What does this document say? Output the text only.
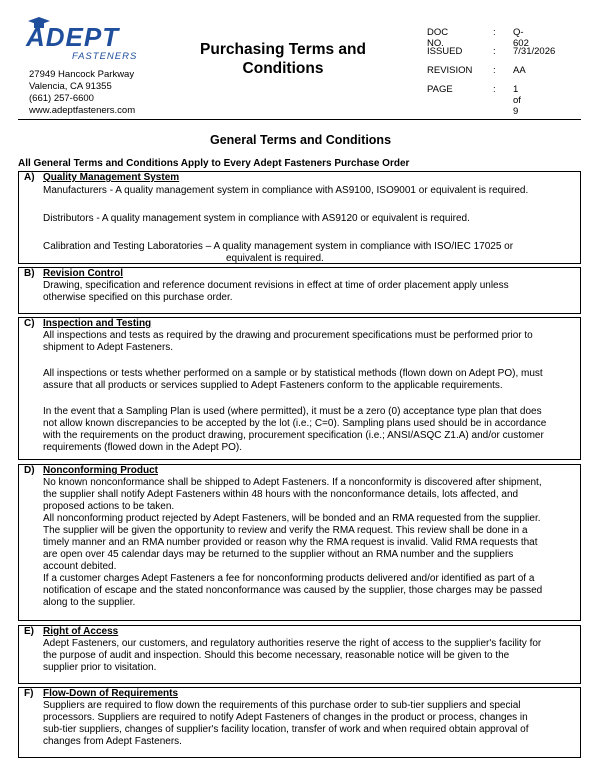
ADEPT
FASTENERS
27949 Hancock Parkway
Valencia, CA 91355
(661) 257-6600
www.adeptfasteners.com
Purchasing Terms and
Conditions
DOC NO.
: Q-602
ISSUED	: 7/31/2026
REVISION : AA
PAGE	: 1 of 9
General Terms and Conditions
All General Terms and Conditions Apply to Every Adept Fasteners Purchase Order
A) Quality Management System

Manufacturers - A quality management system in compliance with AS9100, ISO9001 or equivalent is required.

Distributors - A quality management system in compliance with AS9120 or equivalent is required.

Calibration and Testing Laboratories – A quality management system in compliance with ISO/IEC 17025 or

equivalent is required.

B) Revision Control

Drawing, specification and reference document revisions in effect at time of order placement apply unless

otherwise specified on this purchase order.

C) Inspection and Testing

All inspections and tests as required by the drawing and procurement specifications must be performed prior to

shipment to Adept Fasteners.

All inspections or tests whether performed on a sample or by statistical methods (flown down on Adept PO), must

assure that all products or services supplied to Adept Fasteners conform to the applicable requirements.

In the event that a Sampling Plan is used (where permitted), it must be a zero (0) acceptance type plan that does

not allow known discrepancies to be accepted by the lot (i.e.; C=0). Sampling plans used should be in accordance

with the requirements on the product drawing, procurement specification (i.e.; ANSI/ASQC Z1.A) and/or customer

requirements (flowed down in the Adept PO).

D) Nonconforming Product

No known nonconformance shall be shipped to Adept Fasteners. If a nonconformity is discovered after shipment,

the supplier shall notify Adept Fasteners within 48 hours with the nonconformance details, lots affected, and

proposed actions to be taken.

All nonconforming product rejected by Adept Fasteners, will be bonded and an RMA requested from the supplier.

The supplier will be given the opportunity to review and verify the RMA request. This review shall be done in a

timely manner and an RMA number provided or reason why the RMA request is invalid. Valid RMA requests that

are open over 45 calendar days may be returned to the supplier without an RMA number and the suppliers

account debited.

If a customer charges Adept Fasteners a fee for nonconforming products delivered and/or identified as part of a

notification of escape and the stated nonconformance was caused by the supplier, those charges may be passed

along to the supplier.

E) Right of Access

Adept Fasteners, our customers, and regulatory authorities reserve the right of access to the supplier's facility for

the purpose of audit and inspection. Should this become necessary, reasonable notice will be given to the

supplier prior to visitation.

F) Flow-Down of Requirements

Suppliers are required to flow down the requirements of this purchase order to sub-tier suppliers and special

processors. Suppliers are required to notify Adept Fasteners of changes in the product or process, changes in

sub-tier suppliers, changes of supplier's facility location, transfer of work and when required obtain approval of

changes from Adept Fasteners.
